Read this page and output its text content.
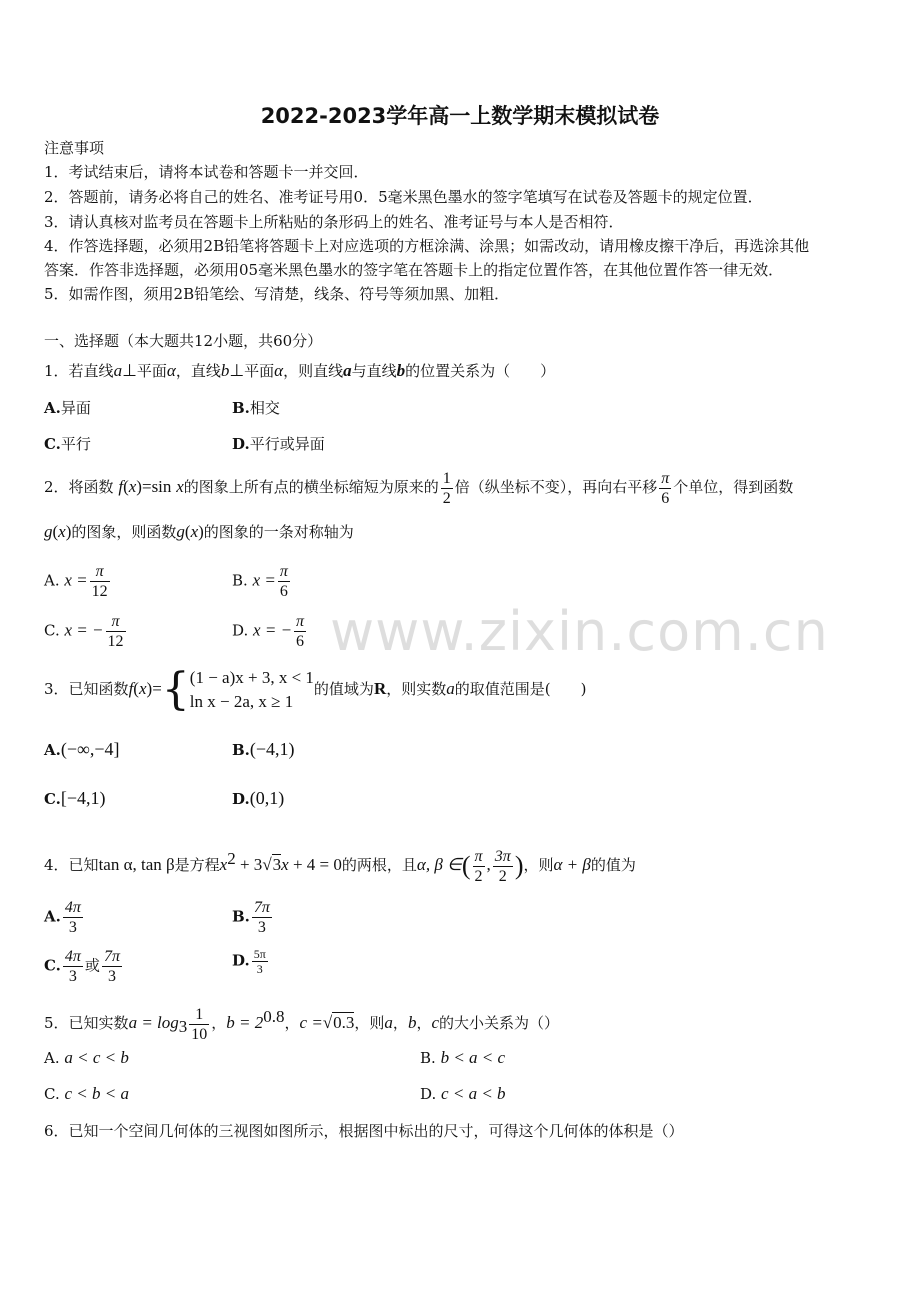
2022-2023学年高一上数学期末模拟试卷
注意事项
1．考试结束后，请将本试卷和答题卡一并交回．
2．答题前，请务必将自己的姓名、准考证号用0．5毫米黑色墨水的签字笔填写在试卷及答题卡的规定位置．
3．请认真核对监考员在答题卡上所粘贴的条形码上的姓名、准考证号与本人是否相符．
4．作答选择题，必须用2B铅笔将答题卡上对应选项的方框涂满、涂黑；如需改动，请用橡皮擦干净后，再选涂其他
答案．作答非选择题，必须用05毫米黑色墨水的签字笔在答题卡上的指定位置作答，在其他位置作答一律无效．
5．如需作图，须用2B铅笔绘、写清楚，线条、符号等须加黑、加粗．
一、选择题（本大题共12小题，共60分）
1．若直线a⊥平面α，直线b⊥平面α，则直线a与直线b的位置关系为（　　）
A.异面	B.相交
C.平行	D.平行或异面
2．将函数 f(x)=sin x的图象上所有点的横坐标缩短为原来的 $\frac{1}{2}$ 倍（纵坐标不变），再向右平移 $\frac{\pi}{6}$ 个单位，得到函数
g(x)的图象，则函数g(x)的图象的一条对称轴为
A. $x = \frac{\pi}{12}$	B. $x = \frac{\pi}{6}$
C. x = − $\frac{\pi}{12}$	D. x = − $\frac{\pi}{6}$
3．已知函数f(x)={ (1 − a)x + 3, x < 1
ln x − 2a, x ≥ 1
的值域为R，则实数a的取值范围是(　　)
A.(−∞,−4]	B.(−4,1)
C.[−4,1)	D.(0,1)
4．已知tan α, tan β是方程$x^2 + 3√3x + 4 = 0$的两根，且α, β ∈( $\frac{\pi}{2}$ , $\frac{3\pi}{2}$ )，则α + β的值为
A. $\frac{4\pi}{3}$	B. $\frac{7\pi}{3}$
C. $\frac{4\pi}{3}$ 或 $\frac{7\pi}{3}$	D. $\frac{5\pi}{3}$
5．已知实数$a = \log_3 \frac{1}{10}$ ，$b = 2^{0.8}$，c =√0.3，则a，b，c的大小关系为（）
A. a < c < b	B. b < a < c
C. c < b < a	D. c < a < b
6．已知一个空间几何体的三视图如图所示，根据图中标出的尺寸，可得这个几何体的体积是（）
www.zixin.com.cn
